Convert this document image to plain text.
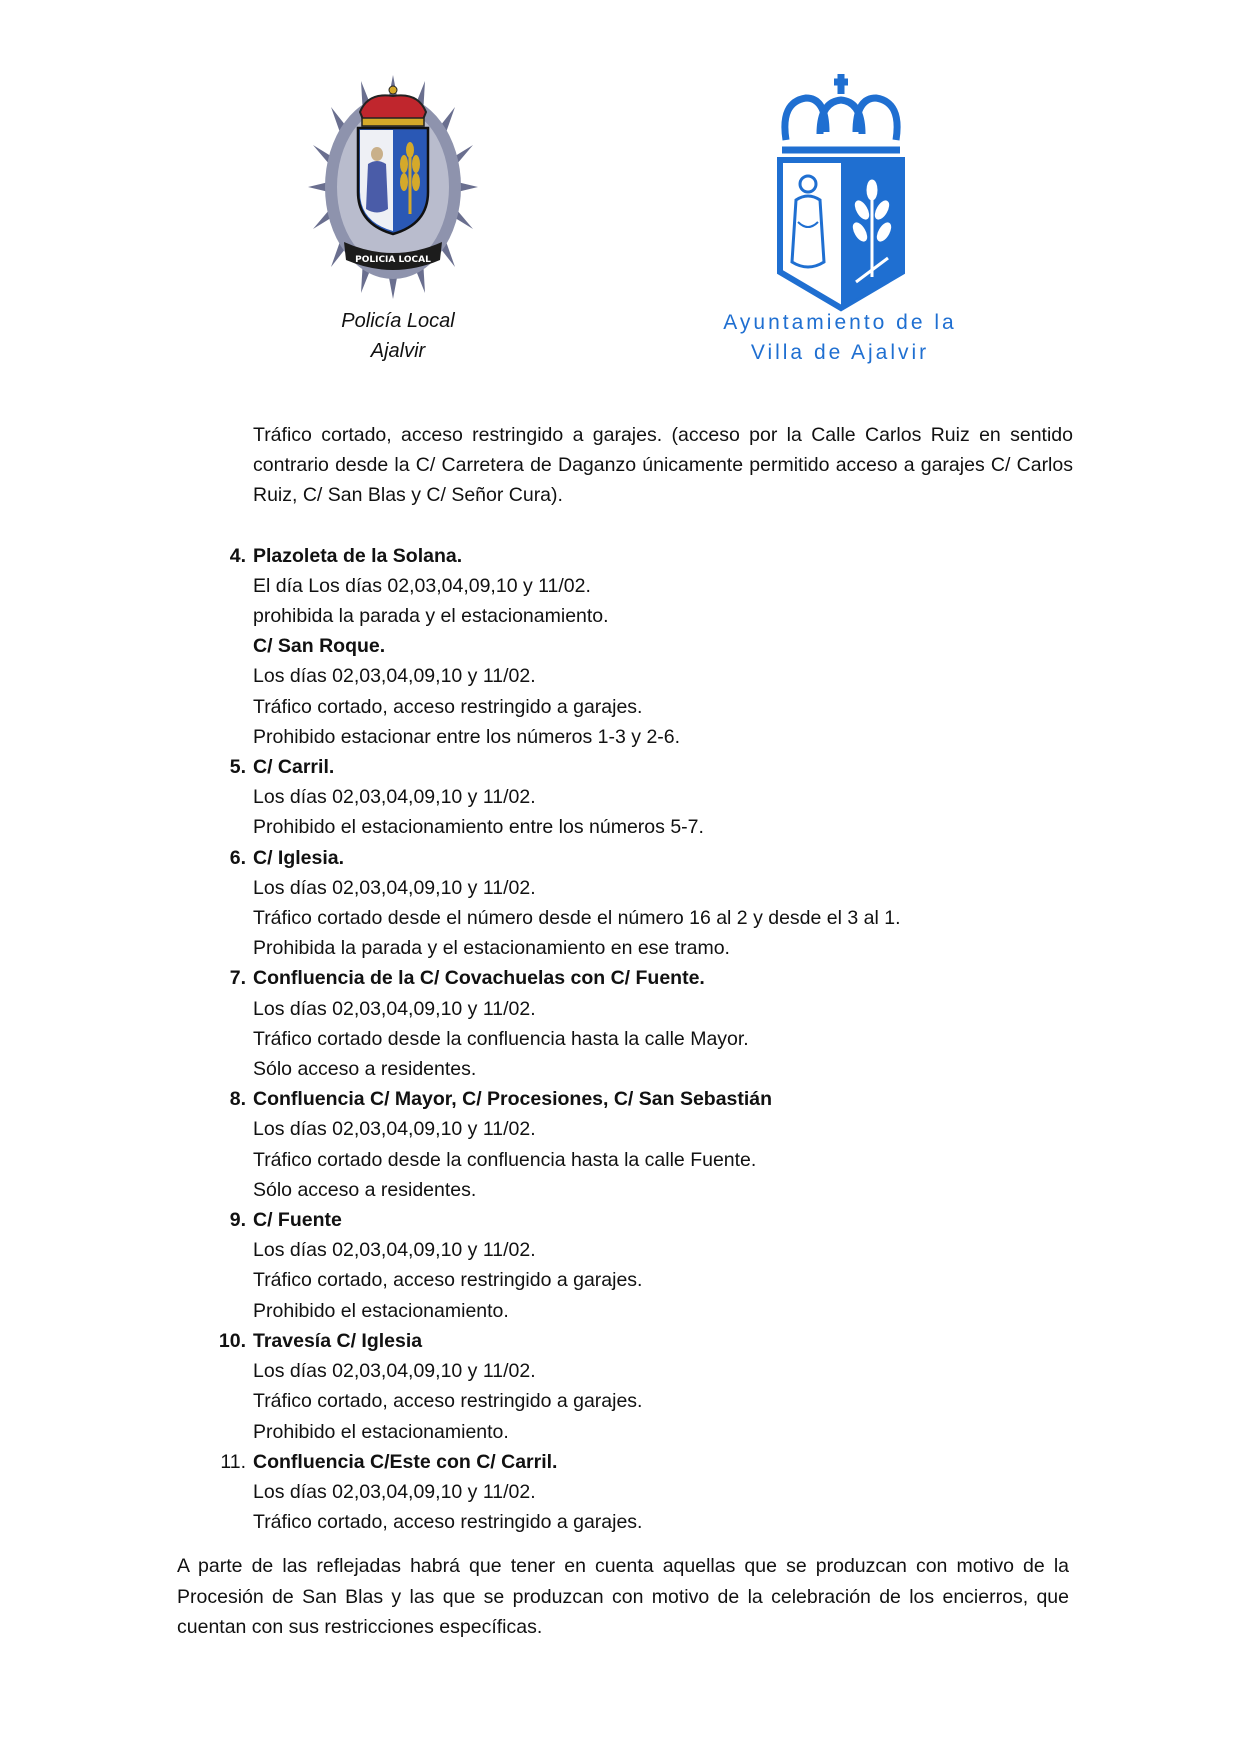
POLICIA LOCAL
Policía Local
Ajalvir
Ayuntamiento de la
Villa de Ajalvir

Tráfico cortado, acceso restringido a garajes. (acceso por la Calle Carlos Ruiz en sentido contrario desde la C/ Carretera de Daganzo únicamente permitido acceso a garajes C/ Carlos Ruiz, C/ San Blas y C/ Señor Cura).

4. Plazoleta de la Solana.
El día Los días 02,03,04,09,10 y 11/02.
prohibida la parada y el estacionamiento.
C/ San Roque.
Los días 02,03,04,09,10 y 11/02.
Tráfico cortado, acceso restringido a garajes.
Prohibido estacionar entre los números 1-3 y 2-6.
5. C/ Carril.
Los días 02,03,04,09,10 y 11/02.
Prohibido el estacionamiento entre los números 5-7.
6. C/ Iglesia.
Los días 02,03,04,09,10 y 11/02.
Tráfico cortado desde el número desde el número 16 al 2 y desde el 3 al 1.
Prohibida la parada y el estacionamiento en ese tramo.
7. Confluencia de la C/ Covachuelas con C/ Fuente.
Los días 02,03,04,09,10 y 11/02.
Tráfico cortado desde la confluencia hasta la calle Mayor.
Sólo acceso a residentes.
8. Confluencia C/ Mayor, C/ Procesiones, C/ San Sebastián
Los días 02,03,04,09,10 y 11/02.
Tráfico cortado desde la confluencia hasta la calle Fuente.
Sólo acceso a residentes.
9. C/ Fuente
Los días 02,03,04,09,10 y 11/02.
Tráfico cortado, acceso restringido a garajes.
Prohibido el estacionamiento.
10. Travesía C/ Iglesia
Los días 02,03,04,09,10 y 11/02.
Tráfico cortado, acceso restringido a garajes.
Prohibido el estacionamiento.
11. Confluencia C/Este con C/ Carril.
Los días 02,03,04,09,10 y 11/02.
Tráfico cortado, acceso restringido a garajes.

A parte de las reflejadas habrá que tener en cuenta aquellas que se produzcan con motivo de la Procesión de San Blas y las que se produzcan con motivo de la celebración de los encierros, que cuentan con sus restricciones específicas.
